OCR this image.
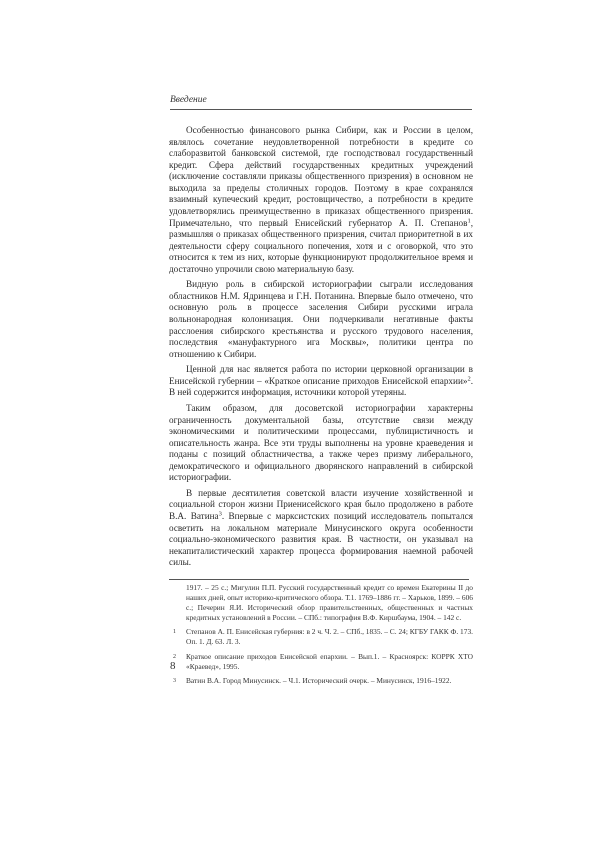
Введение

Особенностью финансового рынка Сибири, как и России в целом, являлось сочетание неудовлетворенной потребности в кредите со слаборазвитой банковской системой, где господствовал государственный кредит. Сфера действий государственных кредитных учреждений (исключение составляли приказы общественного призрения) в основном не выходила за пределы столичных городов. Поэтому в крае сохранялся взаимный купеческий кредит, ростовщичество, а потребности в кредите удовлетворялись преимущественно в приказах общественного призрения. Примечательно, что первый Енисейский губернатор А. П. Степанов$^1$, размышляя о приказах общественного призрения, считал приоритетной в их деятельности сферу социального попечения, хотя и с оговоркой, что это относится к тем из них, которые функционируют продолжительное время и достаточно упрочили свою материальную базу.

Видную роль в сибирской историографии сыграли исследования областников Н.М. Ядринцева и Г.Н. Потанина. Впервые было отмечено, что основную роль в процессе заселения Сибири русскими играла вольнонародная колонизация. Они подчеркивали негативные факты расслоения сибирского крестьянства и русского трудового населения, последствия «мануфактурного ига Москвы», политики центра по отношению к Сибири.

Ценной для нас является работа по истории церковной организации в Енисейской губернии – «Краткое описание приходов Енисейской епархии»$^2$. В ней содержится информация, источники которой утеряны.

Таким образом, для досоветской историографии характерны ограниченность документальной базы, отсутствие связи между экономическими и политическими процессами, публицистичность и описательность жанра. Все эти труды выполнены на уровне краеведения и поданы с позиций областничества, а также через призму либерального, демократического и официального дворянского направлений в сибирской историографии.

В первые десятилетия советской власти изучение хозяйственной и социальной сторон жизни Приенисейского края было продолжено в работе В.А. Ватина$^3$. Впервые с марксистских позиций исследователь попытался осветить на локальном материале Минусинского округа особенности социально-экономического развития края. В частности, он указывал на некапиталистический характер процесса формирования наемной рабочей силы.

1917. – 25 с.; Мигулин П.П. Русский государственный кредит со времен Екатерины II до наших дней, опыт историко-критического обзора. Т.1. 1769–1886 гг. – Харьков, 1899. – 606 с.; Печерин Я.И. Исторический обзор правительственных, общественных и частных кредитных установлений в России. – СПб.: типография В.Ф. Киршбаума, 1904. – 142 с.
1 Степанов А. П. Енисейская губерния: в 2 ч. Ч. 2. – СПб., 1835. – С. 24; КГБУ ГАКК Ф. 173. Оп. 1. Д. 63. Л. 3.
2 Краткое описание приходов Енисейской епархии. – Вып.1. – Красноярск: КОРРК ХТО «Краевед», 1995.
3 Ватин В.А. Город Минусинск. – Ч.1. Исторический очерк. – Минусинск, 1916–1922.
8
